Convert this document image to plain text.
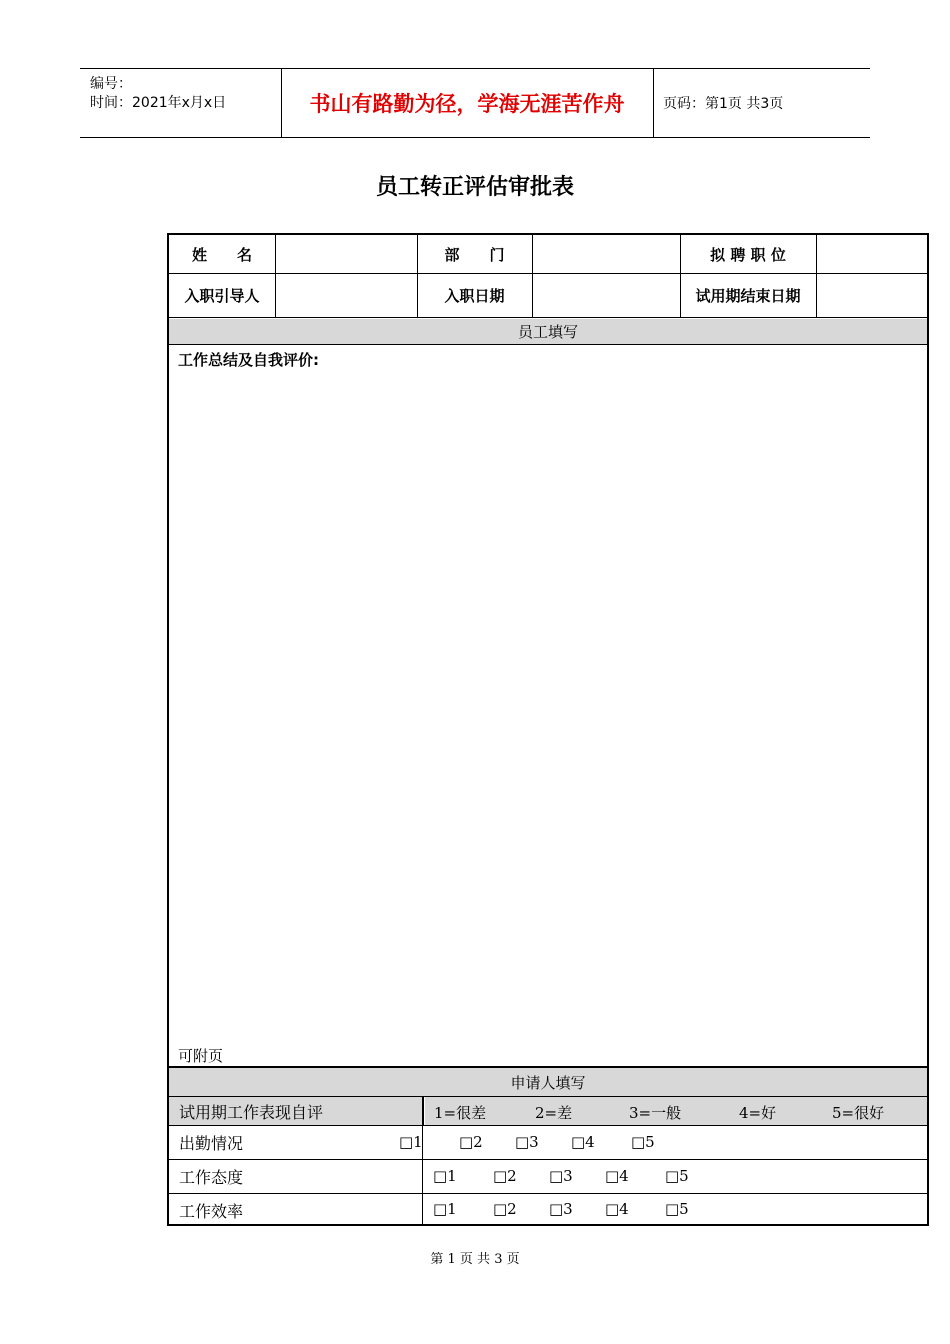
编号：
时间：2021年x月x日	书山有路勤为径，学海无涯苦作舟	页码：第1页 共3页
员工转正评估审批表
姓　　名	部　　门	拟 聘 职 位
入职引导人	入职日期	试用期结束日期
员工填写
工作总结及自我评价:
可附页
申请人填写
试用期工作表现自评	1=很差	2=差	3=一般	4=好	5=很好
出勤情况	□1 □2 □3 □4 □5
工作态度	□1 □2 □3 □4 □5
工作效率	□1 □2 □3 □4 □5
第 1 页 共 3 页
